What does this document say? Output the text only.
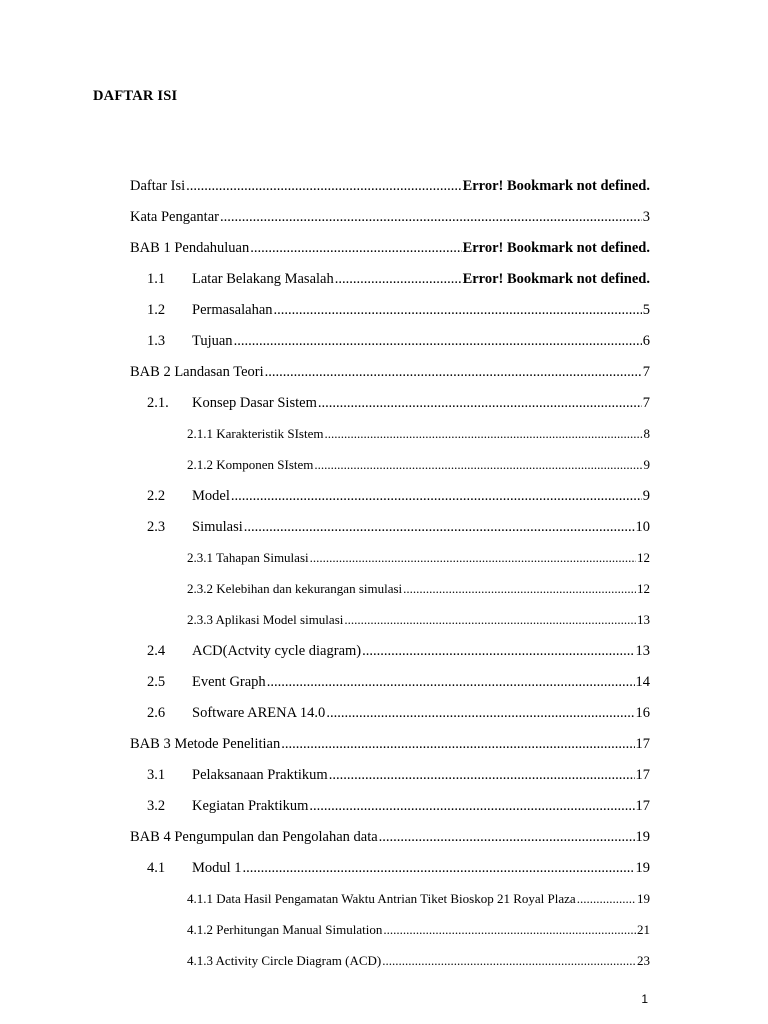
DAFTAR ISI
Daftar Isi .....	Error! Bookmark not defined.
Kata Pengantar .....	3
BAB 1 Pendahuluan .....	Error! Bookmark not defined.
1.1	Latar Belakang Masalah .....	Error! Bookmark not defined.
1.2	Permasalahan .....	5
1.3	Tujuan .....	6
BAB 2 Landasan Teori .....	7
2.1.	Konsep Dasar Sistem .....	7
2.1.1 Karakteristik SIstem .....	8
2.1.2 Komponen SIstem .....	9
2.2	Model .....	9
2.3	Simulasi .....	10
2.3.1 Tahapan Simulasi .....	12
2.3.2 Kelebihan dan kekurangan simulasi .....	12
2.3.3 Aplikasi Model simulasi .....	13
2.4	ACD(Actvity cycle diagram) .....	13
2.5	Event Graph .....	14
2.6	Software ARENA 14.0 .....	16
BAB 3 Metode Penelitian .....	17
3.1	Pelaksanaan Praktikum .....	17
3.2	Kegiatan Praktikum .....	17
BAB 4 Pengumpulan dan Pengolahan data .....	19
4.1	Modul 1 .....	19
4.1.1 Data Hasil Pengamatan Waktu Antrian Tiket Bioskop 21 Royal Plaza .....	19
4.1.2 Perhitungan Manual Simulation .....	21
4.1.3 Activity Circle Diagram (ACD) .....	23
1
